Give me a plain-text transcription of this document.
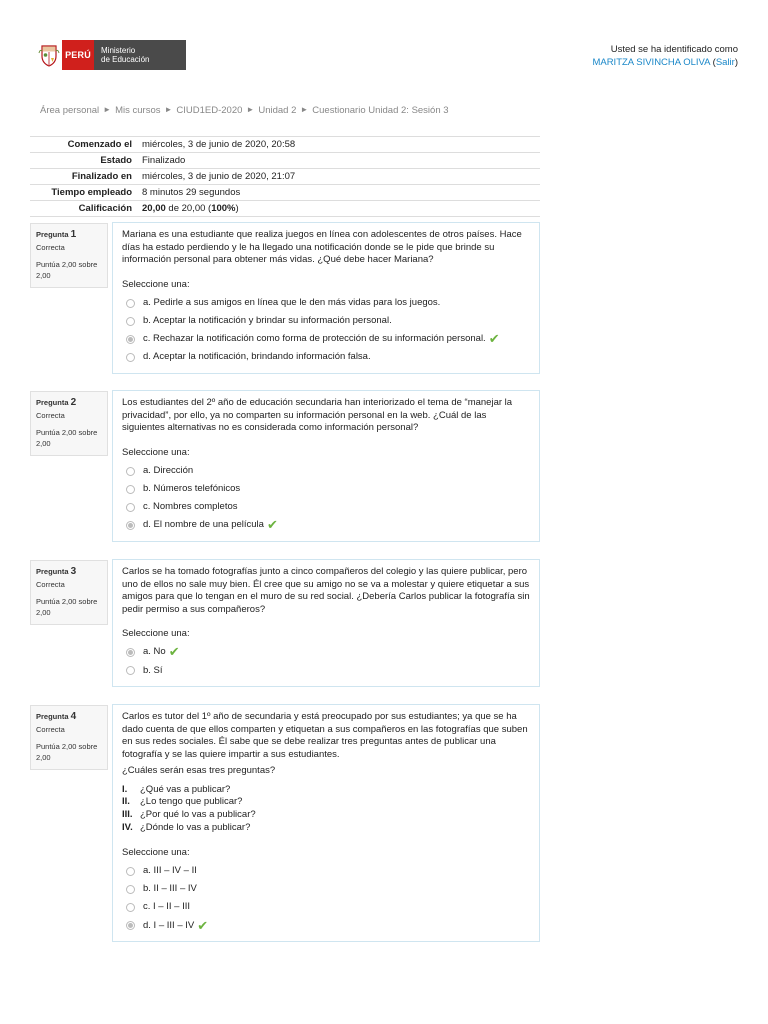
PERÚ	Ministerio
de Educación
Usted se ha identificado como
MARITZA SIVINCHA OLIVA (Salir)
Área personal ► Mis cursos ► CIUD1ED-2020 ► Unidad 2 ► Cuestionario Unidad 2: Sesión 3
Comenzado el	miércoles, 3 de junio de 2020, 20:58
Estado	Finalizado
Finalizado en	miércoles, 3 de junio de 2020, 21:07
Tiempo empleado	8 minutos 29 segundos
Calificación	20,00 de 20,00 (100%)
Pregunta 1
Correcta
Puntúa 2,00 sobre 2,00
Mariana es una estudiante que realiza juegos en línea con adolescentes de otros países. Hace días ha estado perdiendo y le ha llegado una notificación donde se le pide que brinde su información personal para obtener más vidas. ¿Qué debe hacer Mariana?
Seleccione una:
a. Pedirle a sus amigos en línea que le den más vidas para los juegos.
b. Aceptar la notificación y brindar su información personal.
c. Rechazar la notificación como forma de protección de su información personal. ✔
d. Aceptar la notificación, brindando información falsa.
Pregunta 2
Correcta
Puntúa 2,00 sobre 2,00
Los estudiantes del 2º año de educación secundaria han interiorizado el tema de “manejar la privacidad”, por ello, ya no comparten su información personal en la web. ¿Cuál de las siguientes alternativas no es considerada como información personal?
Seleccione una:
a. Dirección
b. Números telefónicos
c. Nombres completos
d. El nombre de una película ✔
Pregunta 3
Correcta
Puntúa 2,00 sobre 2,00
Carlos se ha tomado fotografías junto a cinco compañeros del colegio y las quiere publicar, pero uno de ellos no sale muy bien. Él cree que su amigo no se va a molestar y quiere etiquetar a sus amigos para que lo tengan en el muro de su red social. ¿Debería Carlos publicar la fotografía sin pedir permiso a sus compañeros?
Seleccione una:
a. No ✔
b. Sí
Pregunta 4
Correcta
Puntúa 2,00 sobre 2,00
Carlos es tutor del 1º año de secundaria y está preocupado por sus estudiantes; ya que se ha dado cuenta de que ellos comparten y etiquetan a sus compañeros en las fotografías que suben en sus redes sociales. Él sabe que se debe realizar tres preguntas antes de publicar una fotografía y se las quiere impartir a sus estudiantes.
¿Cuáles serán esas tres preguntas?
I.	¿Qué vas a publicar?
II.	¿Lo tengo que publicar?
III. ¿Por qué lo vas a publicar?
IV. ¿Dónde lo vas a publicar?
Seleccione una:
a. III – IV – II
b. II – III – IV
c. I – II – III
d. I – III – IV ✔
